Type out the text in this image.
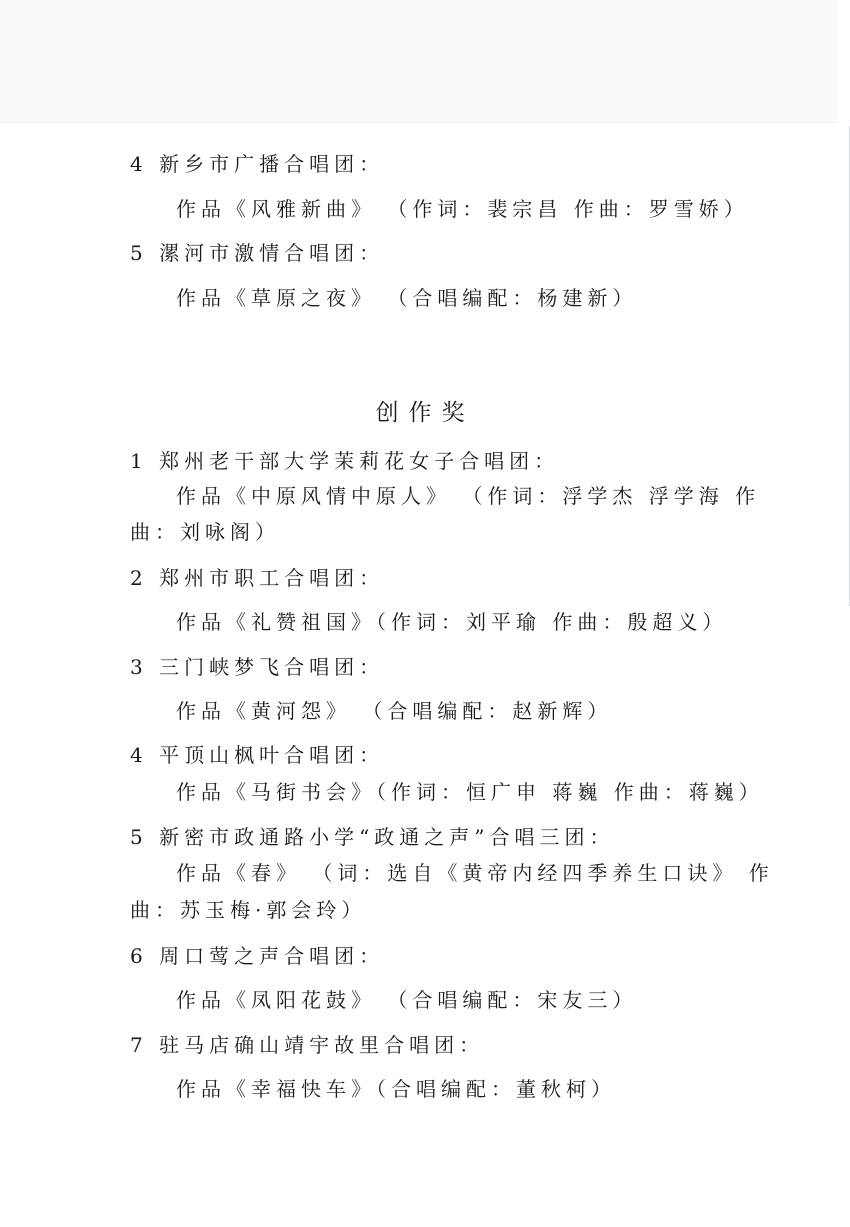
4 新乡市广播合唱团：
作品《风雅新曲》 （作词：裴宗昌 作曲：罗雪娇）
5 漯河市激情合唱团：
作品《草原之夜》 （合唱编配：杨建新）
创作奖
1 郑州老干部大学茉莉花女子合唱团：
作品《中原风情中原人》 （作词：浮学杰 浮学海 作
曲：刘咏阁）
2 郑州市职工合唱团：
作品《礼赞祖国》（作词：刘平瑜 作曲：殷超义）
3 三门峡梦飞合唱团：
作品《黄河怨》 （合唱编配：赵新辉）
4 平顶山枫叶合唱团：
作品《马街书会》（作词：恒广申 蒋巍 作曲：蒋巍）
5 新密市政通路小学“政通之声”合唱三团：
作品《春》 （词：选自《黄帝内经四季养生口诀》 作
曲：苏玉梅·郭会玲）
6 周口莺之声合唱团：
作品《凤阳花鼓》 （合唱编配：宋友三）
7 驻马店确山靖宇故里合唱团：
作品《幸福快车》（合唱编配：董秋柯）
